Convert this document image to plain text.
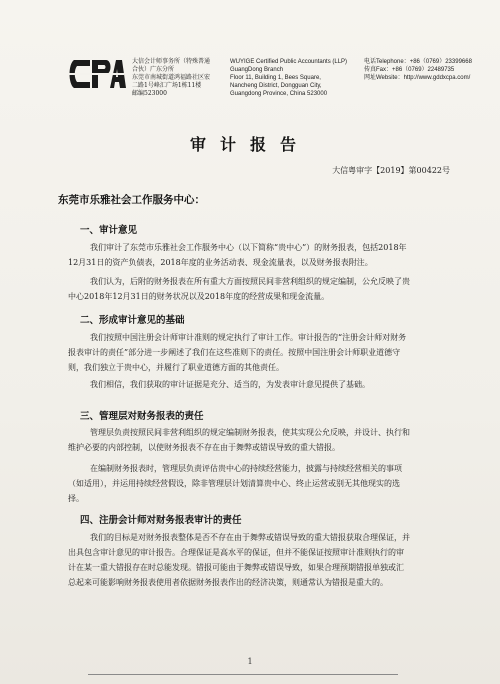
大信会计师事务所（特殊普通
合伙）广东分所
东莞市南城街道鸿福路社区宏
二路1号峰汇广场1栋11楼
邮编523000
WUYIGE Certified Public Accountants (LLP)
GuangDong Branch
Floor 11, Building 1, Bees Square,
Nancheng District, Dongguan City,
Guangdong Province, China 523000
电话Telephone：+86（0769）23399668
传真Fax：+86（0769）22489735
网址Website：http://www.gddxcpa.com/
审计报告
大信粤审字【2019】第00422号
东莞市乐雅社会工作服务中心：
一、审计意见
我们审计了东莞市乐雅社会工作服务中心（以下简称“贵中心”）的财务报表，包括2018年
12月31日的资产负债表，2018年度的业务活动表、现金流量表，以及财务报表附注。
我们认为，后附的财务报表在所有重大方面按照民间非营利组织的规定编制，公允反映了贵
中心2018年12月31日的财务状况以及2018年度的经营成果和现金流量。
二、形成审计意见的基础
我们按照中国注册会计师审计准则的规定执行了审计工作。审计报告的“注册会计师对财务
报表审计的责任”部分进一步阐述了我们在这些准则下的责任。按照中国注册会计师职业道德守
则，我们独立于贵中心，并履行了职业道德方面的其他责任。
我们相信，我们获取的审计证据是充分、适当的，为发表审计意见提供了基础。
三、管理层对财务报表的责任
管理层负责按照民间非营利组织的规定编制财务报表，使其实现公允反映，并设计、执行和
维护必要的内部控制，以使财务报表不存在由于舞弊或错误导致的重大错报。
在编制财务报表时，管理层负责评估贵中心的持续经营能力，披露与持续经营相关的事项
（如适用），并运用持续经营假设，除非管理层计划清算贵中心、终止运营或别无其他现实的选
择。
四、注册会计师对财务报表审计的责任
我们的目标是对财务报表整体是否不存在由于舞弊或错误导致的重大错报获取合理保证，并
出具包含审计意见的审计报告。合理保证是高水平的保证，但并不能保证按照审计准则执行的审
计在某一重大错报存在时总能发现。错报可能由于舞弊或错误导致，如果合理预期错报单独或汇
总起来可能影响财务报表使用者依据财务报表作出的经济决策，则通常认为错报是重大的。
1
